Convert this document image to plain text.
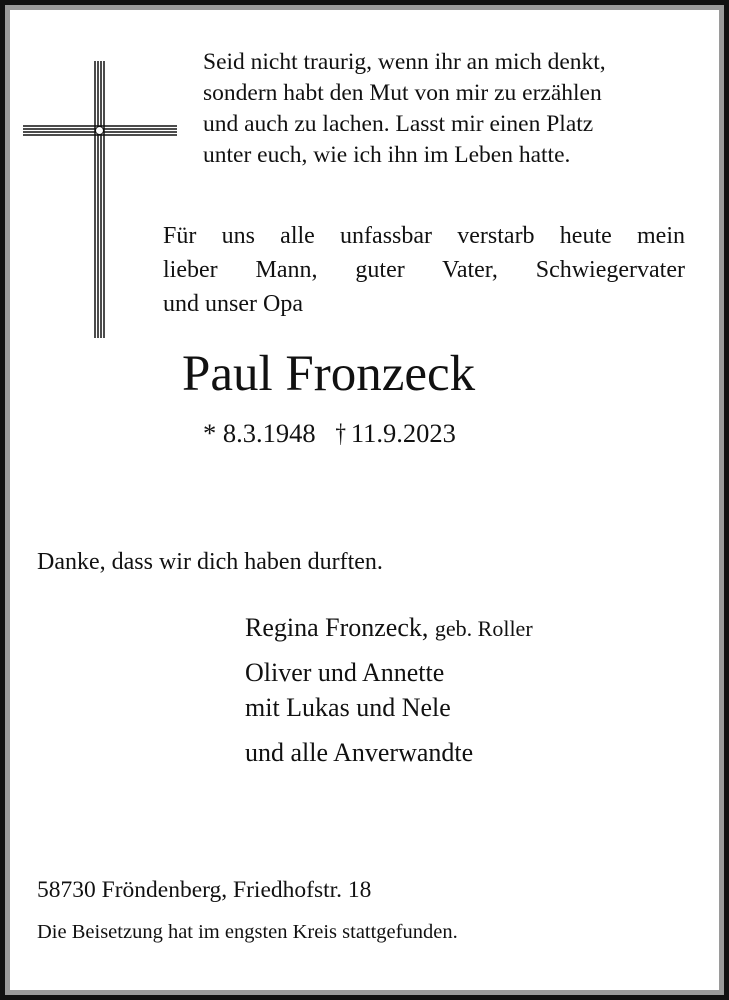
Seid nicht traurig, wenn ihr an mich denkt,
sondern habt den Mut von mir zu erzählen
und auch zu lachen. Lasst mir einen Platz
unter euch, wie ich ihn im Leben hatte.
Für uns alle unfassbar verstarb heute mein
lieber Mann, guter Vater, Schwiegervater
und unser Opa
Paul Fronzeck
* 8.3.1948 † 11.9.2023
Danke, dass wir dich haben durften.
Regina Fronzeck, geb. Roller
Oliver und Annette
mit Lukas und Nele
und alle Anverwandte
58730 Fröndenberg, Friedhofstr. 18
Die Beisetzung hat im engsten Kreis stattgefunden.
